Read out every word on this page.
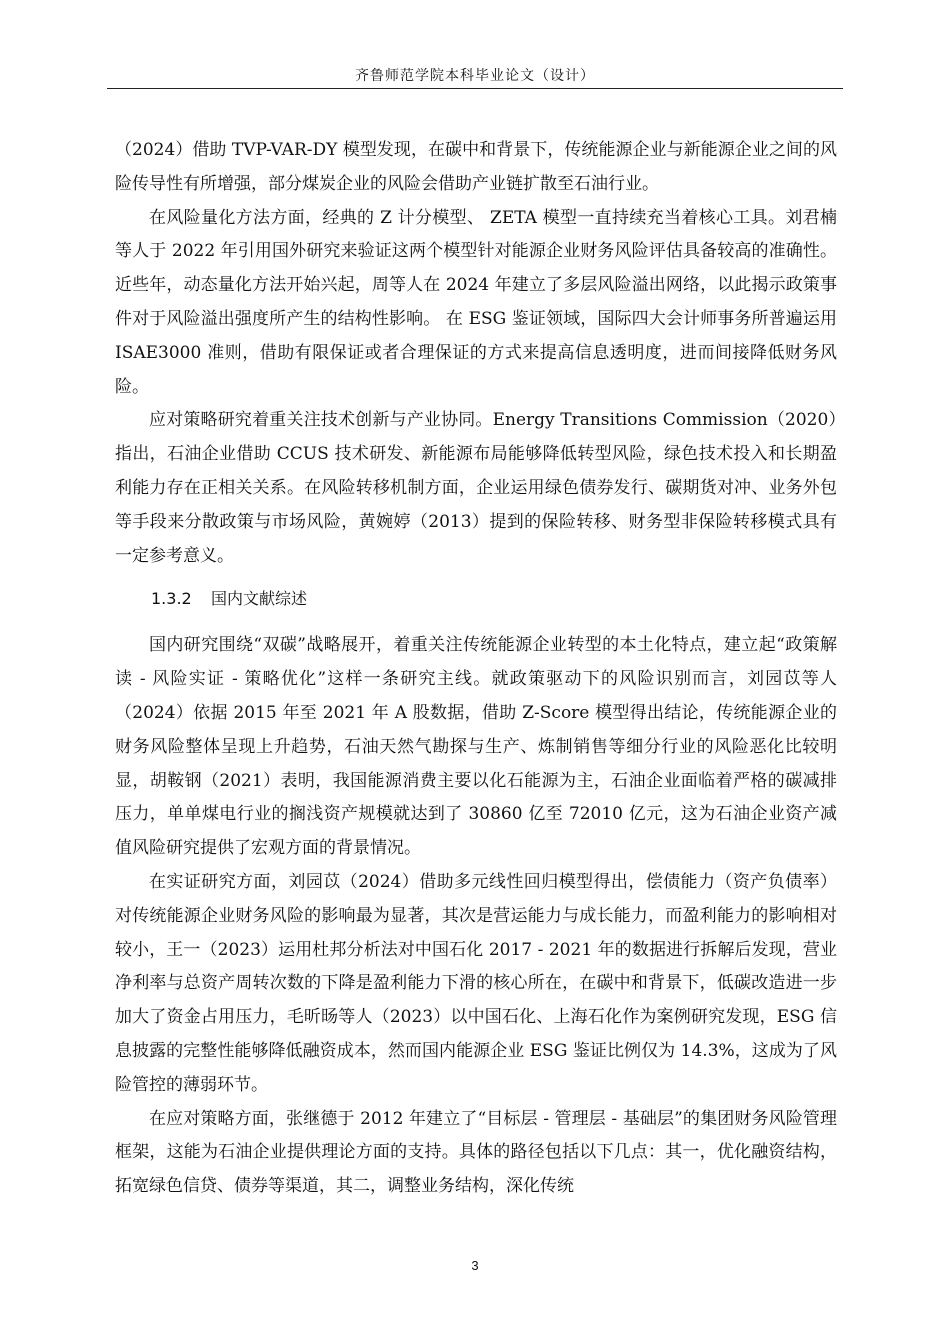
齐鲁师范学院本科毕业论文（设计）

（2024）借助 TVP-VAR-DY 模型发现，在碳中和背景下，传统能源企业与新能源企业之间的风险传导性有所增强，部分煤炭企业的风险会借助产业链扩散至石油行业。

在风险量化方法方面，经典的 Z 计分模型、 ZETA 模型一直持续充当着核心工具。刘君楠等人于 2022 年引用国外研究来验证这两个模型针对能源企业财务风险评估具备较高的准确性。近些年，动态量化方法开始兴起，周等人在 2024 年建立了多层风险溢出网络，以此揭示政策事件对于风险溢出强度所产生的结构性影响。 在 ESG 鉴证领域，国际四大会计师事务所普遍运用 ISAE3000 准则，借助有限保证或者合理保证的方式来提高信息透明度，进而间接降低财务风险。

应对策略研究着重关注技术创新与产业协同。Energy Transitions Commission（2020）指出，石油企业借助 CCUS 技术研发、新能源布局能够降低转型风险，绿色技术投入和长期盈利能力存在正相关关系。在风险转移机制方面，企业运用绿色债券发行、碳期货对冲、业务外包等手段来分散政策与市场风险，黄婉婷（2013）提到的保险转移、财务型非保险转移模式具有一定参考意义。

1.3.2 国内文献综述

国内研究围绕“双碳”战略展开，着重关注传统能源企业转型的本土化特点，建立起“政策解读 - 风险实证 - 策略优化”这样一条研究主线。就政策驱动下的风险识别而言，刘园苡等人（2024）依据 2015 年至 2021 年 A 股数据，借助 Z-Score 模型得出结论，传统能源企业的财务风险整体呈现上升趋势，石油天然气勘探与生产、炼制销售等细分行业的风险恶化比较明显，胡鞍钢（2021）表明，我国能源消费主要以化石能源为主，石油企业面临着严格的碳减排压力，单单煤电行业的搁浅资产规模就达到了 30860 亿至 72010 亿元，这为石油企业资产减值风险研究提供了宏观方面的背景情况。

在实证研究方面，刘园苡（2024）借助多元线性回归模型得出，偿债能力（资产负债率）对传统能源企业财务风险的影响最为显著，其次是营运能力与成长能力，而盈利能力的影响相对较小，王一（2023）运用杜邦分析法对中国石化 2017 - 2021 年的数据进行拆解后发现，营业净利率与总资产周转次数的下降是盈利能力下滑的核心所在，在碳中和背景下，低碳改造进一步加大了资金占用压力，毛昕旸等人（2023）以中国石化、上海石化作为案例研究发现，ESG 信息披露的完整性能够降低融资成本，然而国内能源企业 ESG 鉴证比例仅为 14.3%，这成为了风险管控的薄弱环节。

在应对策略方面，张继德于 2012 年建立了“目标层 - 管理层 - 基础层”的集团财务风险管理框架，这能为石油企业提供理论方面的支持。具体的路径包括以下几点：其一，优化融资结构，拓宽绿色信贷、债券等渠道，其二，调整业务结构，深化传统

3
